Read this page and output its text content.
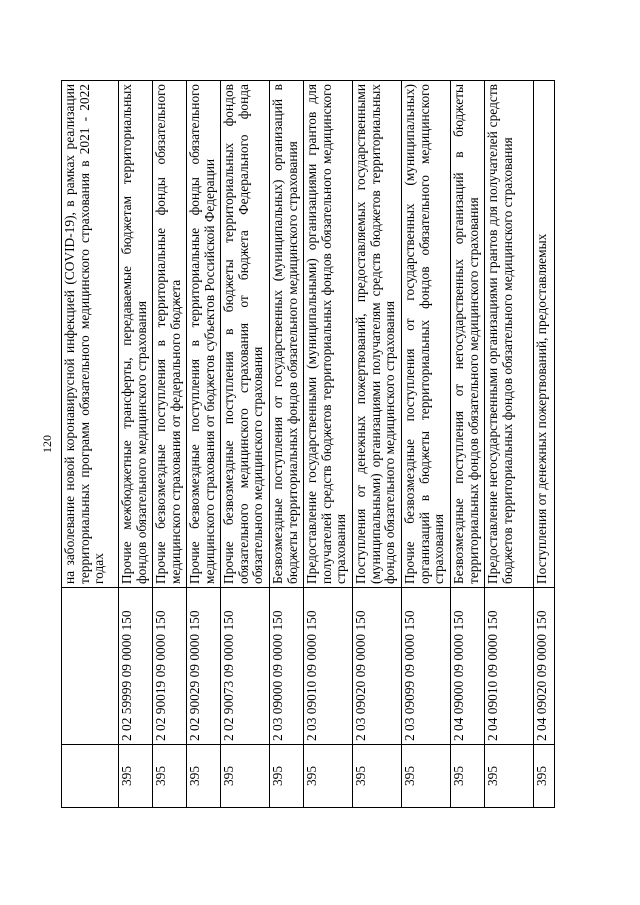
120
		на заболевание новой коронавирусной инфекцией (COVID-19), в рамках реализации территориальных программ обязательного медицинского страхования в 2021 - 2022 годах
395	2 02 59999 09 0000 150	Прочие межбюджетные трансферты, передаваемые бюджетам территориальных фондов обязательного медицинского страхования
395	2 02 90019 09 0000 150	Прочие безвозмездные поступления в территориальные фонды обязательного медицинского страхования от федерального бюджета
395	2 02 90029 09 0000 150	Прочие безвозмездные поступления в территориальные фонды обязательного медицинского страхования от бюджетов субъектов Российской Федерации
395	2 02 90073 09 0000 150	Прочие безвозмездные поступления в бюджеты территориальных фондов обязательного медицинского страхования от бюджета Федерального фонда обязательного медицинского страхования
395	2 03 09000 09 0000 150	Безвозмездные поступления от государственных (муниципальных) организаций в бюджеты территориальных фондов обязательного медицинского страхования
395	2 03 09010 09 0000 150	Предоставление государственными (муниципальными) организациями грантов для получателей средств бюджетов территориальных фондов обязательного медицинского страхования
395	2 03 09020 09 0000 150	Поступления от денежных пожертвований, предоставляемых государственными (муниципальными) организациями получателям средств бюджетов территориальных фондов обязательного медицинского страхования
395	2 03 09099 09 0000 150	Прочие безвозмездные поступления от государственных (муниципальных) организаций в бюджеты территориальных фондов обязательного медицинского страхования
395	2 04 09000 09 0000 150	Безвозмездные поступления от негосударственных организаций в бюджеты территориальных фондов обязательного медицинского страхования
395	2 04 09010 09 0000 150	Предоставление негосударственными организациями грантов для получателей средств бюджетов территориальных фондов обязательного медицинского страхования
395	2 04 09020 09 0000 150	Поступления от денежных пожертвований, предоставляемых
